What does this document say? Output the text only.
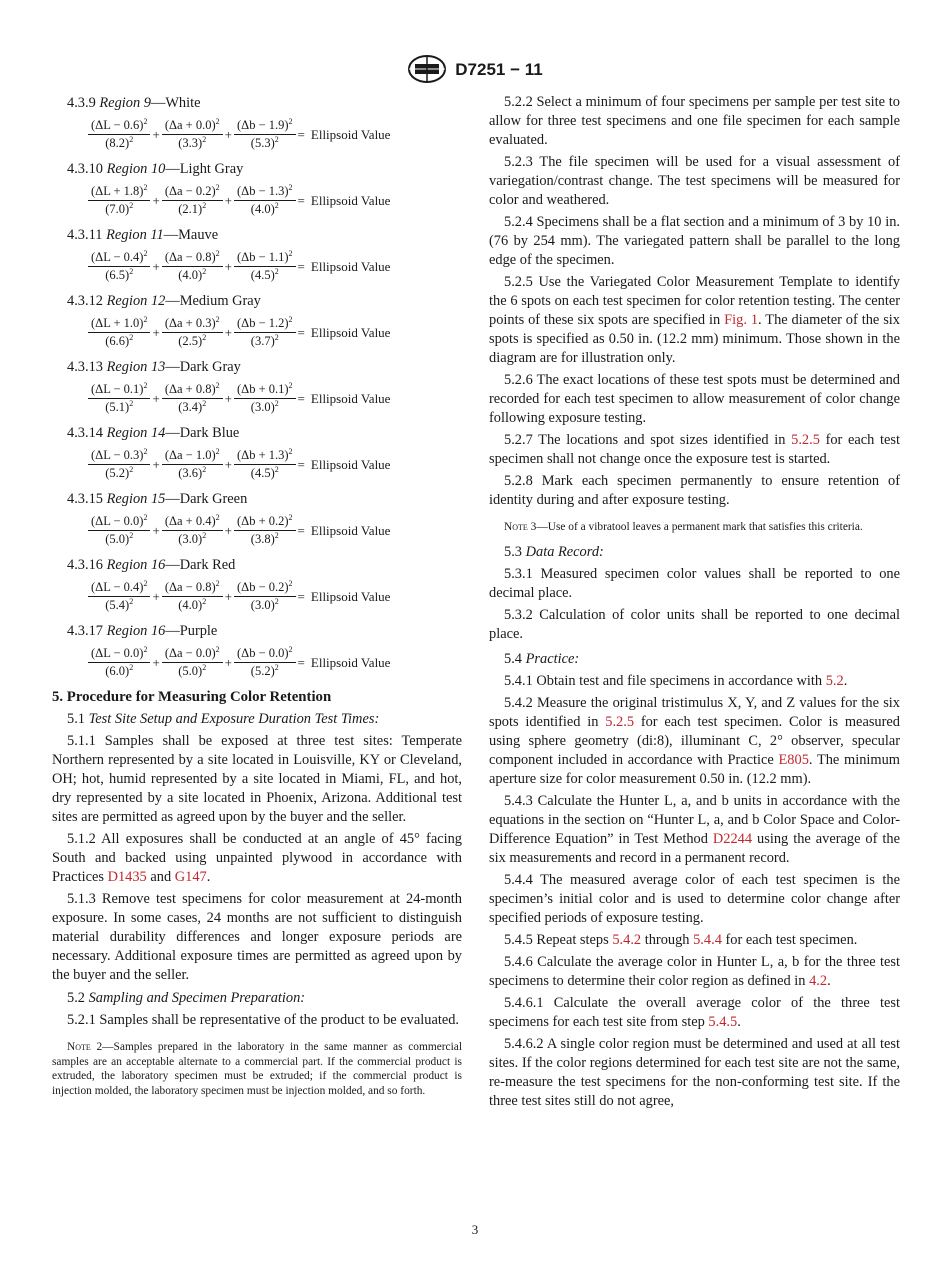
D7251 − 11
4.3.9 Region 9—White
$\frac{(\Delta L - 0.6)^2}{(8.2)^2} + \frac{(\Delta a + 0.0)^2}{(3.3)^2} + \frac{(\Delta b - 1.9)^2}{(5.3)^2}$ = Ellipsoid Value
4.3.10 Region 10—Light Gray
$\frac{(\Delta L + 1.8)^2}{(7.0)^2} + \frac{(\Delta a - 0.2)^2}{(2.1)^2} + \frac{(\Delta b - 1.3)^2}{(4.0)^2}$ = Ellipsoid Value
4.3.11 Region 11—Mauve
$\frac{(\Delta L - 0.4)^2}{(6.5)^2} + \frac{(\Delta a - 0.8)^2}{(4.0)^2} + \frac{(\Delta b - 1.1)^2}{(4.5)^2}$ = Ellipsoid Value
4.3.12 Region 12—Medium Gray
$\frac{(\Delta L + 1.0)^2}{(6.6)^2} + \frac{(\Delta a + 0.3)^2}{(2.5)^2} + \frac{(\Delta b - 1.2)^2}{(3.7)^2}$ = Ellipsoid Value
4.3.13 Region 13—Dark Gray
$\frac{(\Delta L - 0.1)^2}{(5.1)^2} + \frac{(\Delta a + 0.8)^2}{(3.4)^2} + \frac{(\Delta b + 0.1)^2}{(3.0)^2}$ = Ellipsoid Value
4.3.14 Region 14—Dark Blue
$\frac{(\Delta L - 0.3)^2}{(5.2)^2} + \frac{(\Delta a - 1.0)^2}{(3.6)^2} + \frac{(\Delta b + 1.3)^2}{(4.5)^2}$ = Ellipsoid Value
4.3.15 Region 15—Dark Green
$\frac{(\Delta L - 0.0)^2}{(5.0)^2} + \frac{(\Delta a + 0.4)^2}{(3.0)^2} + \frac{(\Delta b + 0.2)^2}{(3.8)^2}$ = Ellipsoid Value
4.3.16 Region 16—Dark Red
$\frac{(\Delta L - 0.4)^2}{(5.4)^2} + \frac{(\Delta a - 0.8)^2}{(4.0)^2} + \frac{(\Delta b - 0.2)^2}{(3.0)^2}$ = Ellipsoid Value
4.3.17 Region 16—Purple
$\frac{(\Delta L - 0.0)^2}{(6.0)^2} + \frac{(\Delta a - 0.0)^2}{(5.0)^2} + \frac{(\Delta b - 0.0)^2}{(5.2)^2}$ = Ellipsoid Value
5. Procedure for Measuring Color Retention
5.1 Test Site Setup and Exposure Duration Test Times:
5.1.1 Samples shall be exposed at three test sites: Temperate Northern represented by a site located in Louisville, KY or Cleveland, OH; hot, humid represented by a site located in Miami, FL, and hot, dry represented by a site located in Phoenix, Arizona. Additional test sites are permitted as agreed upon by the buyer and the seller.
5.1.2 All exposures shall be conducted at an angle of 45° facing South and backed using unpainted plywood in accordance with Practices D1435 and G147.
5.1.3 Remove test specimens for color measurement at 24-month exposure. In some cases, 24 months are not sufficient to distinguish material durability differences and longer exposure periods are necessary. Additional exposure times are permitted as agreed upon by the buyer and the seller.
5.2 Sampling and Specimen Preparation:
5.2.1 Samples shall be representative of the product to be evaluated.
Note 2—Samples prepared in the laboratory in the same manner as commercial samples are an acceptable alternate to a commercial part. If the commercial product is extruded, the laboratory specimen must be extruded; if the commercial product is injection molded, the laboratory specimen must be injection molded, and so forth.
5.2.2 Select a minimum of four specimens per sample per test site to allow for three test specimens and one file specimen for each sample evaluated.
5.2.3 The file specimen will be used for a visual assessment of variegation/contrast change. The test specimens will be measured for color and weathered.
5.2.4 Specimens shall be a flat section and a minimum of 3 by 10 in. (76 by 254 mm). The variegated pattern shall be parallel to the long edge of the specimen.
5.2.5 Use the Variegated Color Measurement Template to identify the 6 spots on each test specimen for color retention testing. The center points of these six spots are specified in Fig. 1. The diameter of the six spots is specified as 0.50 in. (12.2 mm) minimum. Those shown in the diagram are for illustration only.
5.2.6 The exact locations of these test spots must be determined and recorded for each test specimen to allow measurement of color change following exposure testing.
5.2.7 The locations and spot sizes identified in 5.2.5 for each test specimen shall not change once the exposure test is started.
5.2.8 Mark each specimen permanently to ensure retention of identity during and after exposure testing.
Note 3—Use of a vibratool leaves a permanent mark that satisfies this criteria.
5.3 Data Record:
5.3.1 Measured specimen color values shall be reported to one decimal place.
5.3.2 Calculation of color units shall be reported to one decimal place.
5.4 Practice:
5.4.1 Obtain test and file specimens in accordance with 5.2.
5.4.2 Measure the original tristimulus X, Y, and Z values for the six spots identified in 5.2.5 for each test specimen. Color is measured using sphere geometry (di:8), illuminant C, 2° observer, specular component included in accordance with Practice E805. The minimum aperture size for color measurement 0.50 in. (12.2 mm).
5.4.3 Calculate the Hunter L, a, and b units in accordance with the equations in the section on “Hunter L, a, and b Color Space and Color-Difference Equation” in Test Method D2244 using the average of the six measurements and record in a permanent record.
5.4.4 The measured average color of each test specimen is the specimen’s initial color and is used to determine color change after specified periods of exposure testing.
5.4.5 Repeat steps 5.4.2 through 5.4.4 for each test specimen.
5.4.6 Calculate the average color in Hunter L, a, b for the three test specimens to determine their color region as defined in 4.2.
5.4.6.1 Calculate the overall average color of the three test specimens for each test site from step 5.4.5.
5.4.6.2 A single color region must be determined and used at all test sites. If the color regions determined for each test site are not the same, re-measure the test specimens for the non-conforming test site. If the three test sites still do not agree,
3
